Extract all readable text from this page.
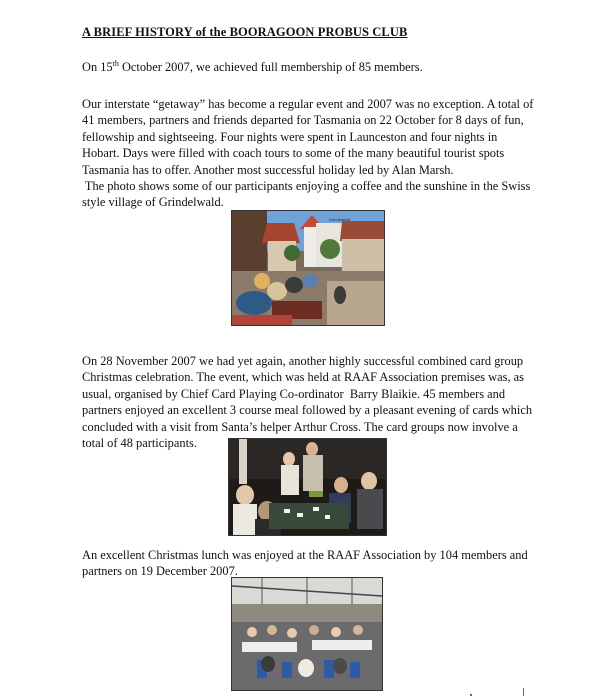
A BRIEF HISTORY of the BOORAGOON PROBUS CLUB

On 15th October 2007, we achieved full membership of 85 members.

Our interstate “getaway” has become a regular event and 2007 was no exception. A total of

41 members, partners and friends departed for Tasmania on 22 October for 8 days of fun,

fellowship and sightseeing. Four nights were spent in Launceston and four nights in

Hobart. Days were filled with coach tours to some of the many beautiful tourist spots

Tasmania has to offer. Another most successful holiday led by Alan Marsh.

The photo shows some of our participants enjoying a coffee and the sunshine in the Swiss

style village of Grindelwald.

Grindelwald

On 28 November 2007 we had yet again, another highly successful combined card group

Christmas celebration. The event, which was held at RAAF Association premises was, as

usual, organised by Chief Card Playing Co-ordinator  Barry Blaikie. 45 members and

partners enjoyed an excellent 3 course meal followed by a pleasant evening of cards which

concluded with a visit from Santa’s helper Arthur Cross. The card groups now involve a

total of 48 participants.

An excellent Christmas lunch was enjoyed at the RAAF Association by 104 members and

partners on 19 December 2007.
